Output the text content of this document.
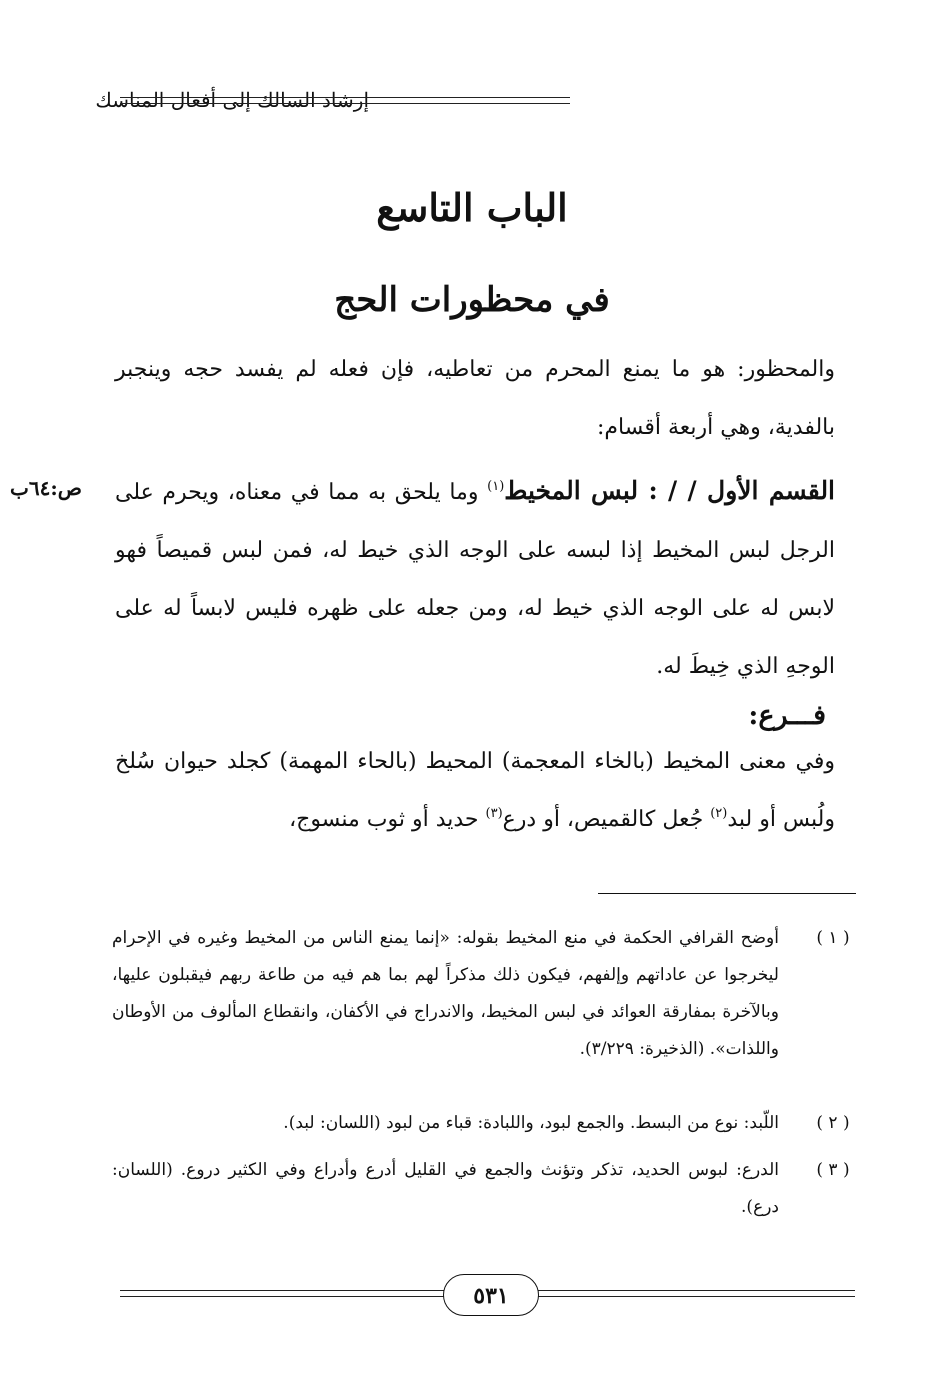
إرشاد السالك إلى أفعال المناسك
الباب التاسع
في محظورات الحج
والمحظور: هو ما يمنع المحرم من تعاطيه، فإن فعله لم يفسد حجه وينجبر بالفدية، وهي أربعة أقسام:
القسم الأول / / : لبس المخيط$^{(١)}$ وما يلحق به مما في معناه، ويحرم على الرجل لبس المخيط إذا لبسه على الوجه الذي خيط له، فمن لبس قميصاً فهو لابس له على الوجه الذي خيط له، ومن جعله على ظهره فليس لابساً له على الوجهِ الذي خِيطَ له.
ص:٦٤ب
فـــرع:
وفي معنى المخيط (بالخاء المعجمة) المحيط (بالحاء المهمة) كجلد حيوان سُلخ ولُبس أو لبد$^{(٢)}$ جُعل كالقميص، أو درع$^{(٣)}$ حديد أو ثوب منسوج،
( ١ )
أوضح القرافي الحكمة في منع المخيط بقوله: «إنما يمنع الناس من المخيط وغيره في الإحرام ليخرجوا عن عاداتهم وإلفهم، فيكون ذلك مذكراً لهم بما هم فيه من طاعة ربهم فيقبلون عليها، وبالآخرة بمفارقة العوائد في لبس المخيط، والاندراج في الأكفان، وانقطاع المألوف من الأوطان واللذات». (الذخيرة: ٣/٢٢٩).
( ٢ )
اللّبد: نوع من البسط. والجمع لبود، واللبادة: قباء من لبود (اللسان: لبد).
( ٣ )
الدرع: لبوس الحديد، تذكر وتؤنث والجمع في القليل أدرع وأدراع وفي الكثير دروع. (اللسان: درع).
٥٣١
